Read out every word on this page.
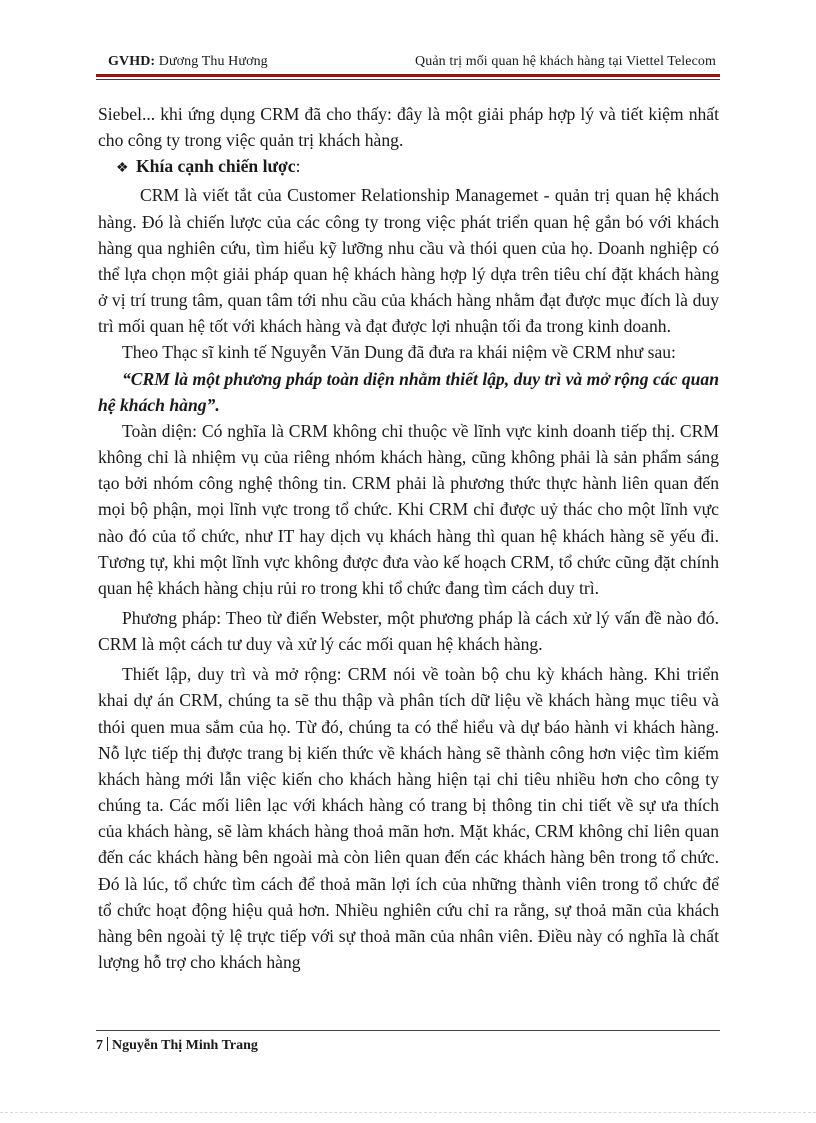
GVHD: Dương Thu Hương	Quản trị mối quan hệ khách hàng tại Viettel Telecom

Siebel... khi ứng dụng CRM đã cho thấy: đây là một giải pháp hợp lý và tiết kiệm nhất cho công ty trong việc quản trị khách hàng.

❖ Khía cạnh chiến lược:

CRM là viết tắt của Customer Relationship Managemet - quản trị quan hệ khách hàng. Đó là chiến lược của các công ty trong việc phát triển quan hệ gắn bó với khách hàng qua nghiên cứu, tìm hiểu kỹ lưỡng nhu cầu và thói quen của họ. Doanh nghiệp có thể lựa chọn một giải pháp quan hệ khách hàng hợp lý dựa trên tiêu chí đặt khách hàng ở vị trí trung tâm, quan tâm tới nhu cầu của khách hàng nhằm đạt được mục đích là duy trì mối quan hệ tốt với khách hàng và đạt được lợi nhuận tối đa trong kinh doanh.

Theo Thạc sĩ kinh tế Nguyễn Văn Dung đã đưa ra khái niệm về CRM như sau:

“CRM là một phương pháp toàn diện nhằm thiết lập, duy trì và mở rộng các quan hệ khách hàng”.

Toàn diện: Có nghĩa là CRM không chỉ thuộc về lĩnh vực kinh doanh tiếp thị. CRM không chỉ là nhiệm vụ của riêng nhóm khách hàng, cũng không phải là sản phẩm sáng tạo bởi nhóm công nghệ thông tin. CRM phải là phương thức thực hành liên quan đến mọi bộ phận, mọi lĩnh vực trong tổ chức. Khi CRM chỉ được uỷ thác cho một lĩnh vực nào đó của tổ chức, như IT hay dịch vụ khách hàng thì quan hệ khách hàng sẽ yếu đi. Tương tự, khi một lĩnh vực không được đưa vào kế hoạch CRM, tổ chức cũng đặt chính quan hệ khách hàng chịu rủi ro trong khi tổ chức đang tìm cách duy trì.

Phương pháp: Theo từ điển Webster, một phương pháp là cách xử lý vấn đề nào đó. CRM là một cách tư duy và xử lý các mối quan hệ khách hàng.

Thiết lập, duy trì và mở rộng: CRM nói về toàn bộ chu kỳ khách hàng. Khi triển khai dự án CRM, chúng ta sẽ thu thập và phân tích dữ liệu về khách hàng mục tiêu và thói quen mua sắm của họ. Từ đó, chúng ta có thể hiểu và dự báo hành vi khách hàng. Nỗ lực tiếp thị được trang bị kiến thức về khách hàng sẽ thành công hơn việc tìm kiếm khách hàng mới lẫn việc kiến cho khách hàng hiện tại chi tiêu nhiều hơn cho công ty chúng ta. Các mối liên lạc với khách hàng có trang bị thông tin chi tiết về sự ưa thích của khách hàng, sẽ làm khách hàng thoả mãn hơn. Mặt khác, CRM không chỉ liên quan đến các khách hàng bên ngoài mà còn liên quan đến các khách hàng bên trong tổ chức. Đó là lúc, tổ chức tìm cách để thoả mãn lợi ích của những thành viên trong tổ chức để tổ chức hoạt động hiệu quả hơn. Nhiều nghiên cứu chỉ ra rằng, sự thoả mãn của khách hàng bên ngoài tỷ lệ trực tiếp với sự thoả mãn của nhân viên. Điều này có nghĩa là chất lượng hỗ trợ cho khách hàng

7 Nguyễn Thị Minh Trang
